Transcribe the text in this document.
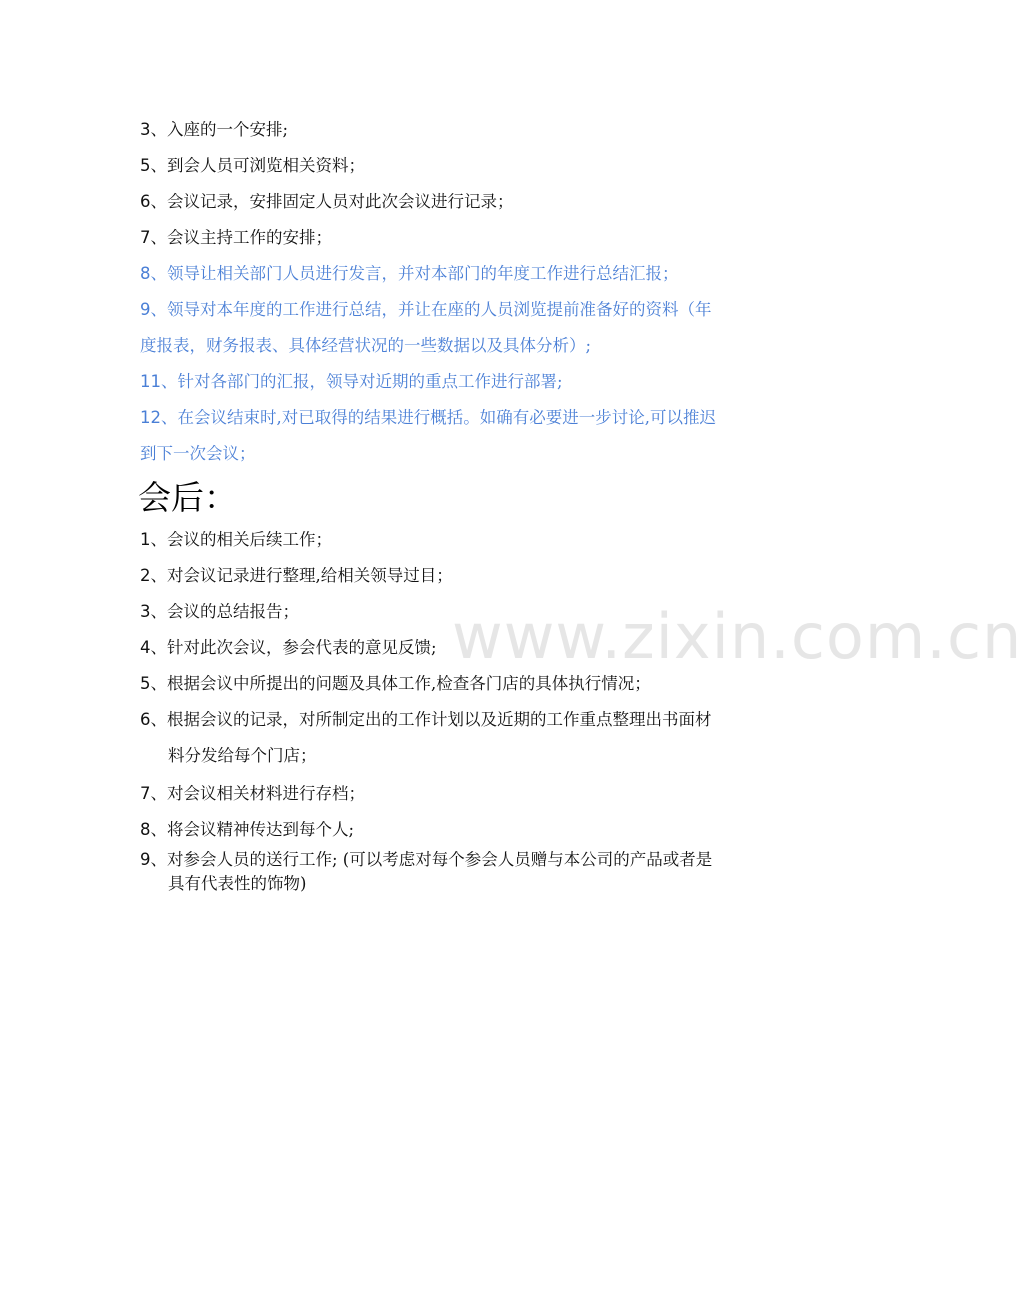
www.zixin.com.cn
3、入座的一个安排;
5、到会人员可浏览相关资料；
6、会议记录，安排固定人员对此次会议进行记录；
7、会议主持工作的安排；
8、领导让相关部门人员进行发言，并对本部门的年度工作进行总结汇报；
9、领导对本年度的工作进行总结，并让在座的人员浏览提前准备好的资料（年
度报表，财务报表、具体经营状况的一些数据以及具体分析）;
11、针对各部门的汇报，领导对近期的重点工作进行部署;
12、在会议结束时,对已取得的结果进行概括。如确有必要进一步讨论,可以推迟
到下一次会议；
会后：
1、会议的相关后续工作；
2、对会议记录进行整理,给相关领导过目；
3、会议的总结报告；
4、针对此次会议，参会代表的意见反馈;
5、根据会议中所提出的问题及具体工作,检查各门店的具体执行情况；
6、根据会议的记录，对所制定出的工作计划以及近期的工作重点整理出书面材
料分发给每个门店；
7、对会议相关材料进行存档；
8、将会议精神传达到每个人;
9、对参会人员的送行工作; (可以考虑对每个参会人员赠与本公司的产品或者是
具有代表性的饰物)
